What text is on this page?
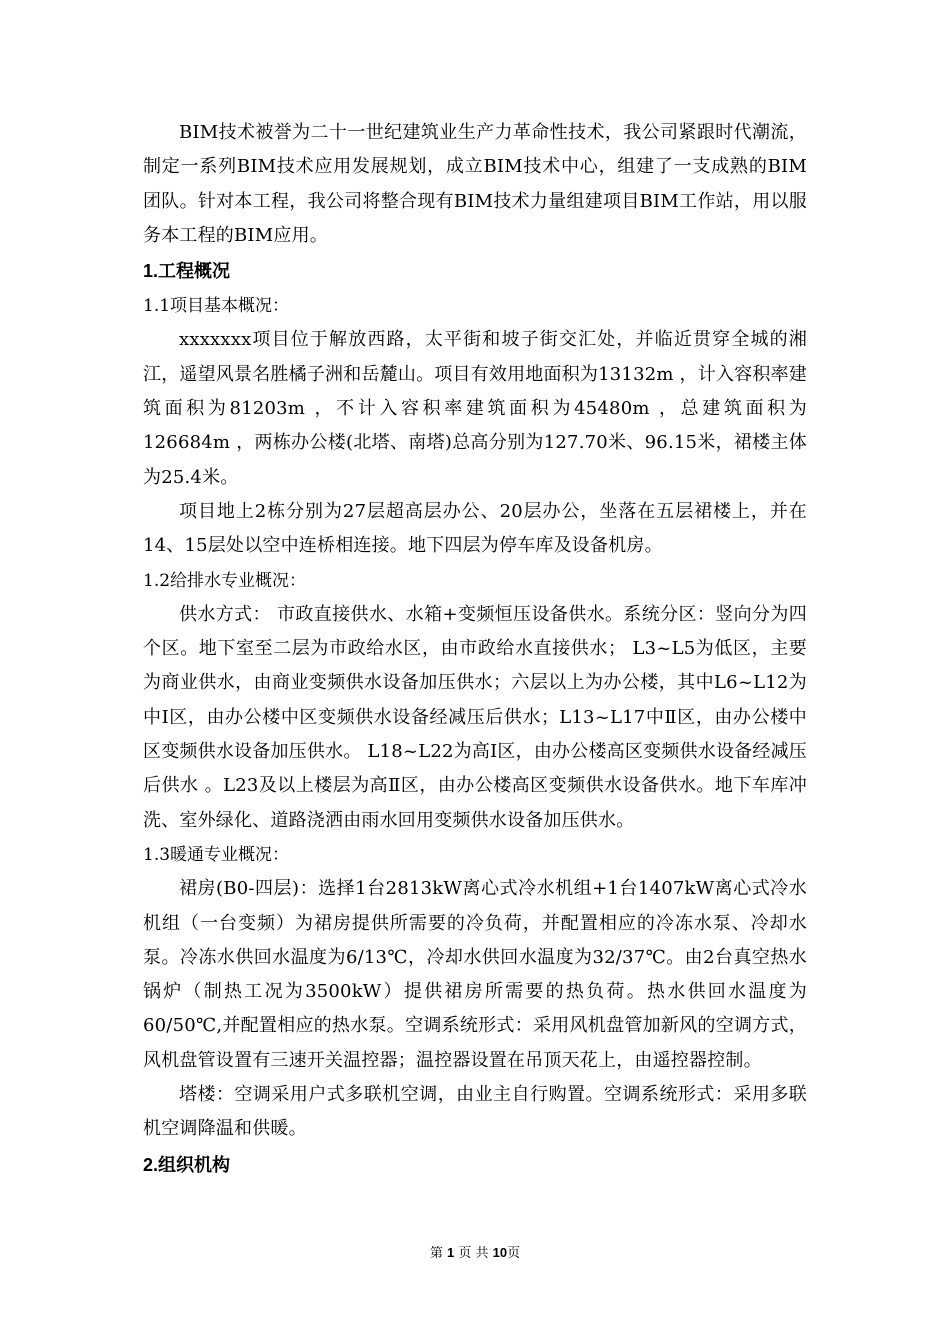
BIM技术被誉为二十一世纪建筑业生产力革命性技术，我公司紧跟时代潮流，制定一系列BIM技术应用发展规划，成立BIM技术中心，组建了一支成熟的BIM团队。针对本工程，我公司将整合现有BIM技术力量组建项目BIM工作站，用以服务本工程的BIM应用。

1.工程概况

1.1项目基本概况：

xxxxxxx项目位于解放西路，太平街和坡子街交汇处，并临近贯穿全城的湘江，遥望风景名胜橘子洲和岳麓山。项目有效用地面积为13132m ，计入容积率建筑面积为81203m ，不计入容积率建筑面积为45480m ，总建筑面积为126684m ，两栋办公楼(北塔、南塔)总高分别为127.70米、96.15米，裙楼主体为25.4米。

项目地上2栋分别为27层超高层办公、20层办公，坐落在五层裙楼上，并在14、15层处以空中连桥相连接。地下四层为停车库及设备机房。

1.2给排水专业概况：

供水方式： 市政直接供水、水箱+变频恒压设备供水。系统分区：竖向分为四个区。地下室至二层为市政给水区，由市政给水直接供水； L3~L5为低区，主要为商业供水，由商业变频供水设备加压供水；六层以上为办公楼，其中L6~L12为中Ⅰ区，由办公楼中区变频供水设备经减压后供水；L13~L17中Ⅱ区，由办公楼中区变频供水设备加压供水。 L18~L22为高Ⅰ区，由办公楼高区变频供水设备经减压后供水 。L23及以上楼层为高Ⅱ区，由办公楼高区变频供水设备供水。地下车库冲洗、室外绿化、道路浇洒由雨水回用变频供水设备加压供水。

1.3暖通专业概况：

裙房(B0-四层)：选择1台2813kW离心式冷水机组+1台1407kW离心式冷水机组（一台变频）为裙房提供所需要的冷负荷，并配置相应的冷冻水泵、冷却水泵。冷冻水供回水温度为6/13℃，冷却水供回水温度为32/37℃。由2台真空热水锅炉（制热工况为3500kW）提供裙房所需要的热负荷。热水供回水温度为60/50℃,并配置相应的热水泵。空调系统形式：采用风机盘管加新风的空调方式，风机盘管设置有三速开关温控器；温控器设置在吊顶天花上，由遥控器控制。

塔楼：空调采用户式多联机空调，由业主自行购置。空调系统形式：采用多联机空调降温和供暖。

2.组织机构

第 1 页 共 10页
